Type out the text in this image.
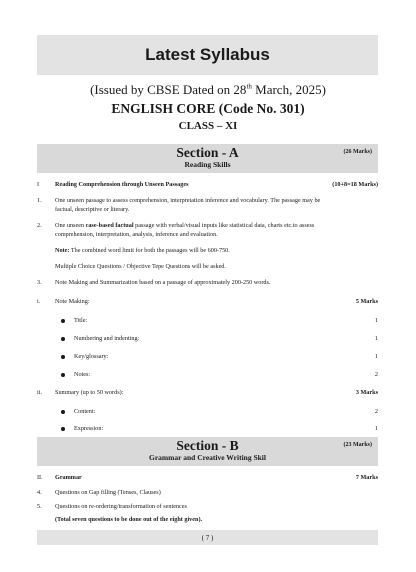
Latest Syllabus
(Issued by CBSE Dated on 28th March, 2025)
ENGLISH CORE (Code No. 301)
CLASS – XI
Section - A
Reading Skills
(26 Marks)
I	Reading Comprehension through Unseen Passages	(10+8=18 Marks)
1. One unseen passage to assess comprehension, interpretation inference and vocabulary. The passage may be
factual, descriptive or literary.
2. One unseen case-based factual passage with verbal/visual inputs like statistical data, charts etc.to assess
comprehension, interpretation, analysis, inference and evaluation.
Note: The combined word limit for both the passages will be 600-750.
Multiple Choice Questions / Objective Tepe Questions will be asked.
3. Note Making and Summarization based on a passage of approximately 200-250 words.
i. Note Making:	5 Marks
Title:	1
Numbering and indenting:	1
Key/glossary:	1
Notes:	2
ii. Summary (up to 50 words):	3 Marks
Content:	2
Expression:	1
Section - B
Grammar and Creative Writing Skil
(23 Marks)
II. Grammar	7 Marks
4. Questions on Gap filling (Tenses, Clauses)
5. Questions on re-ordering/transformation of sentences
(Total seven questions to be done out of the eight given).
( 7 )
